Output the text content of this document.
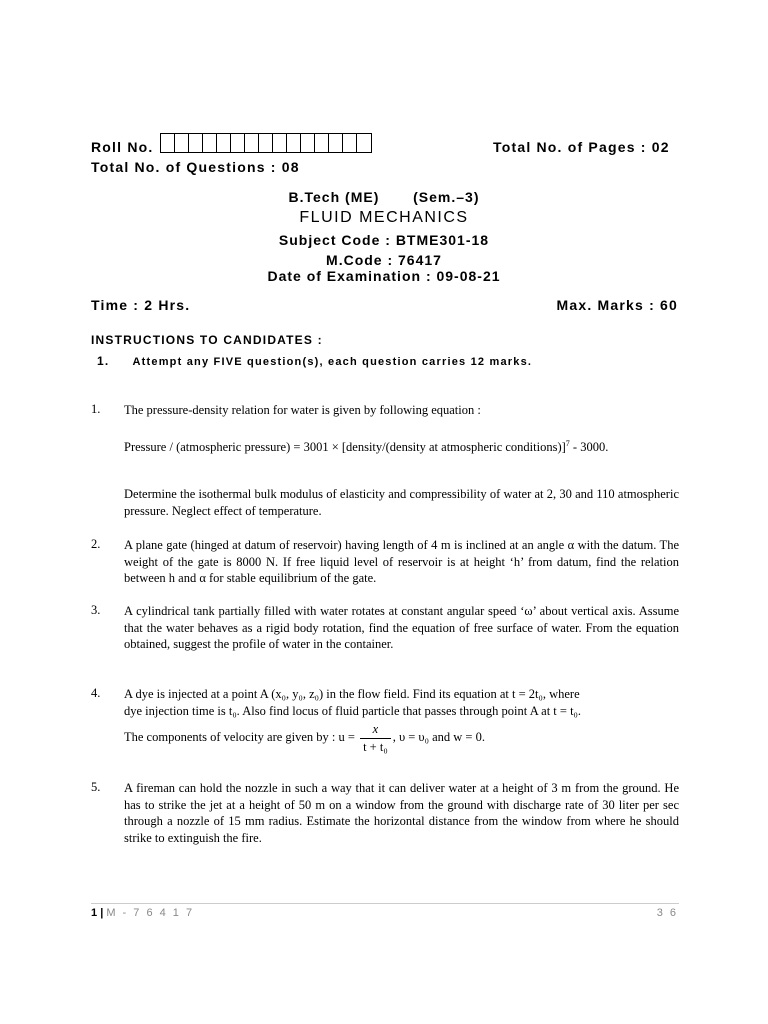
Roll No.	Total No. of Pages : 02
Total No. of Questions : 08
B.Tech (ME) (Sem.–3)
FLUID MECHANICS
Subject Code : BTME301-18
M.Code : 76417
Date of Examination : 09-08-21
Time : 2 Hrs.	Max. Marks : 60
INSTRUCTIONS TO CANDIDATES :
1. Attempt any FIVE question(s), each question carries 12 marks.
1. The pressure-density relation for water is given by following equation :
Pressure / (atmospheric pressure) = 3001 × [density/(density at atmospheric conditions)]$^7$ - 3000.
Determine the isothermal bulk modulus of elasticity and compressibility of water at 2, 30 and 110 atmospheric pressure. Neglect effect of temperature.
2. A plane gate (hinged at datum of reservoir) having length of 4 m is inclined at an angle α with the datum. The weight of the gate is 8000 N. If free liquid level of reservoir is at height ‘h’ from datum, find the relation between h and α for stable equilibrium of the gate.
3. A cylindrical tank partially filled with water rotates at constant angular speed ‘ω’ about vertical axis. Assume that the water behaves as a rigid body rotation, find the equation of free surface of water. From the equation obtained, suggest the profile of water in the container.
4. A dye is injected at a point A (x₀, y₀, z₀) in the flow field. Find its equation at t = 2t₀, where
dye injection time is t₀. Also find locus of fluid particle that passes through point A at t = t₀.
The components of velocity are given by : $u = \frac{x}{\text{t + t₀}}$ , υ = υ₀ and w = 0.
5. A fireman can hold the nozzle in such a way that it can deliver water at a height of 3 m from the ground. He has to strike the jet at a height of 50 m on a window from the ground with discharge rate of 30 liter per sec through a nozzle of 15 mm radius. Estimate the horizontal distance from the window from where he should strike to extinguish the fire.
1 | M - 7 6 4 1 7	3 6
